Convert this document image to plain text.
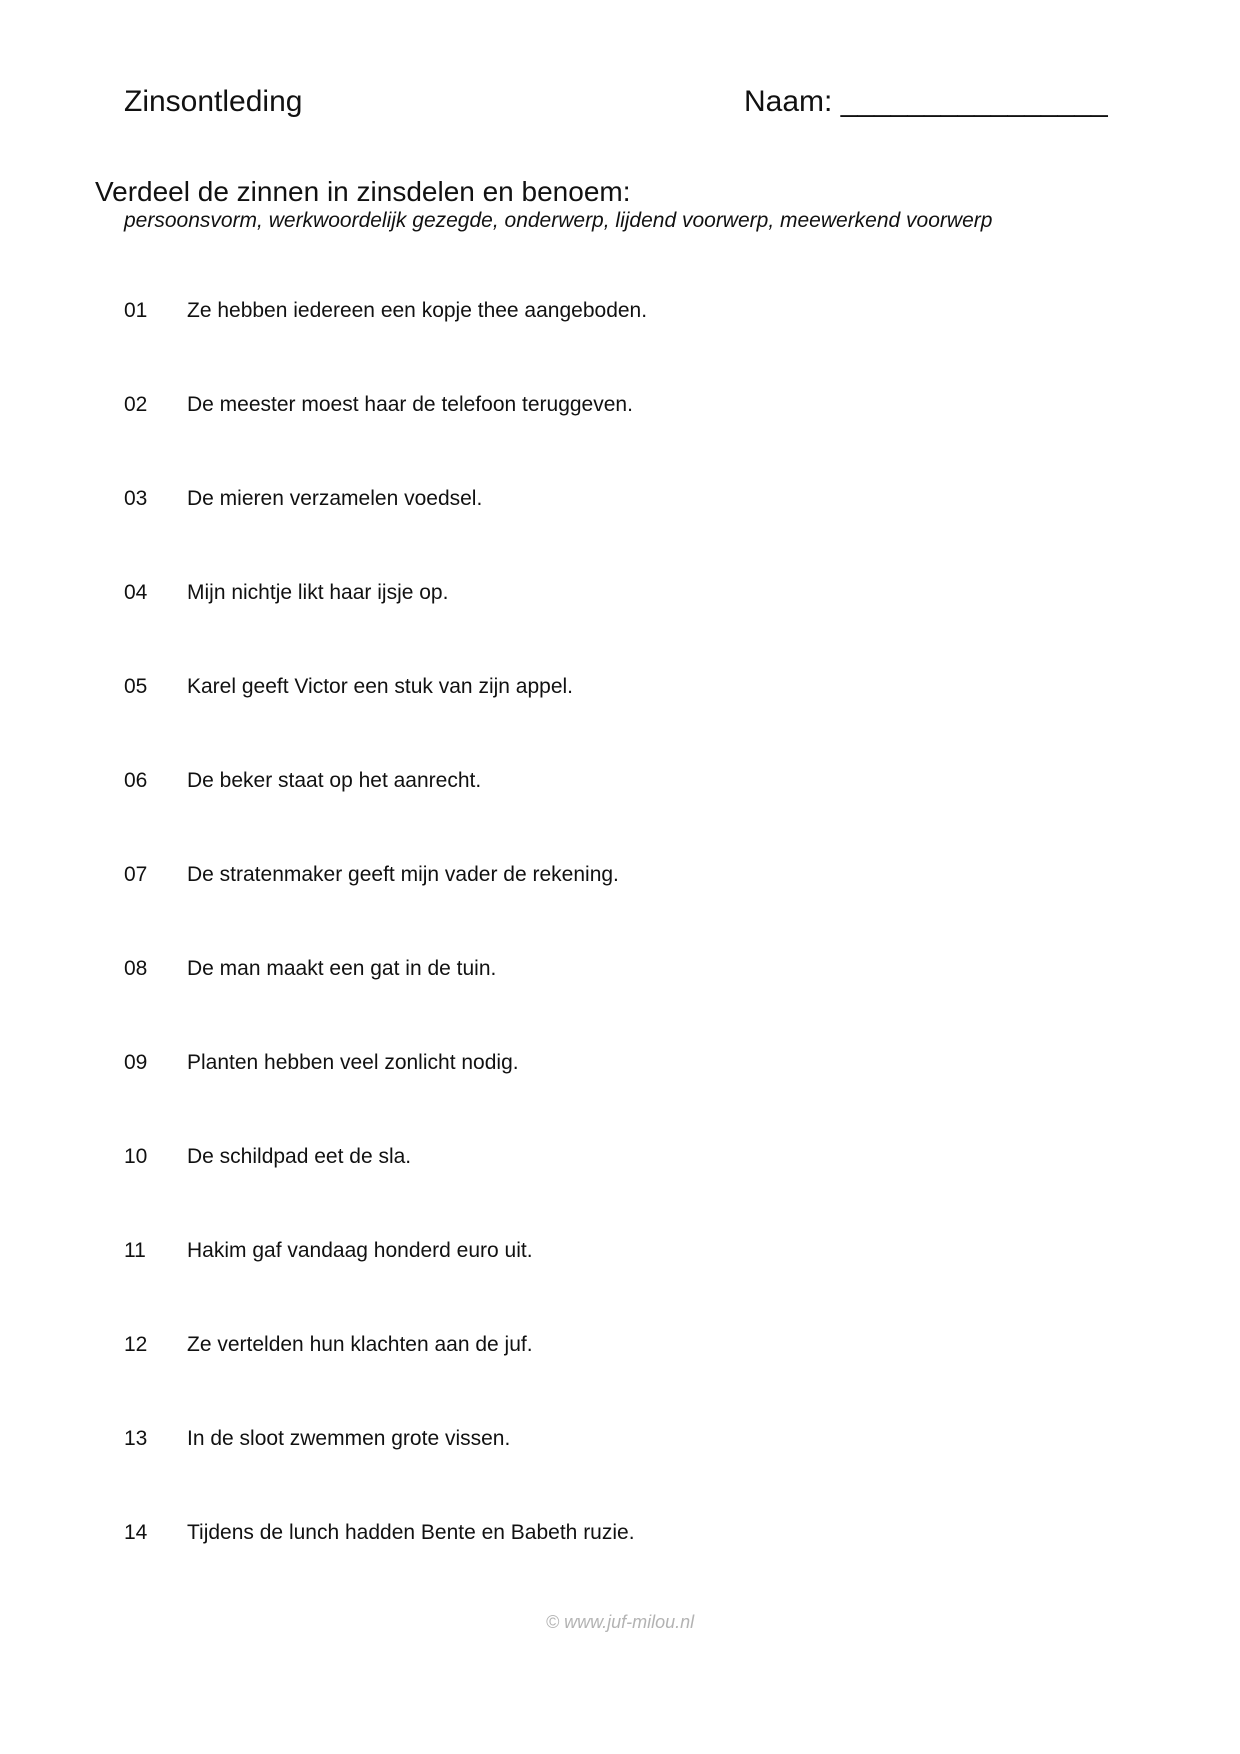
Zinsontleding	Naam: ________________
Verdeel de zinnen in zinsdelen en benoem:
persoonsvorm, werkwoordelijk gezegde, onderwerp, lijdend voorwerp, meewerkend voorwerp
01 Ze hebben iedereen een kopje thee aangeboden.
02 De meester moest haar de telefoon teruggeven.
03 De mieren verzamelen voedsel.
04 Mijn nichtje likt haar ijsje op.
05 Karel geeft Victor een stuk van zijn appel.
06 De beker staat op het aanrecht.
07 De stratenmaker geeft mijn vader de rekening.
08 De man maakt een gat in de tuin.
09 Planten hebben veel zonlicht nodig.
10 De schildpad eet de sla.
11 Hakim gaf vandaag honderd euro uit.
12 Ze vertelden hun klachten aan de juf.
13 In de sloot zwemmen grote vissen.
14 Tijdens de lunch hadden Bente en Babeth ruzie.
© www.juf-milou.nl
